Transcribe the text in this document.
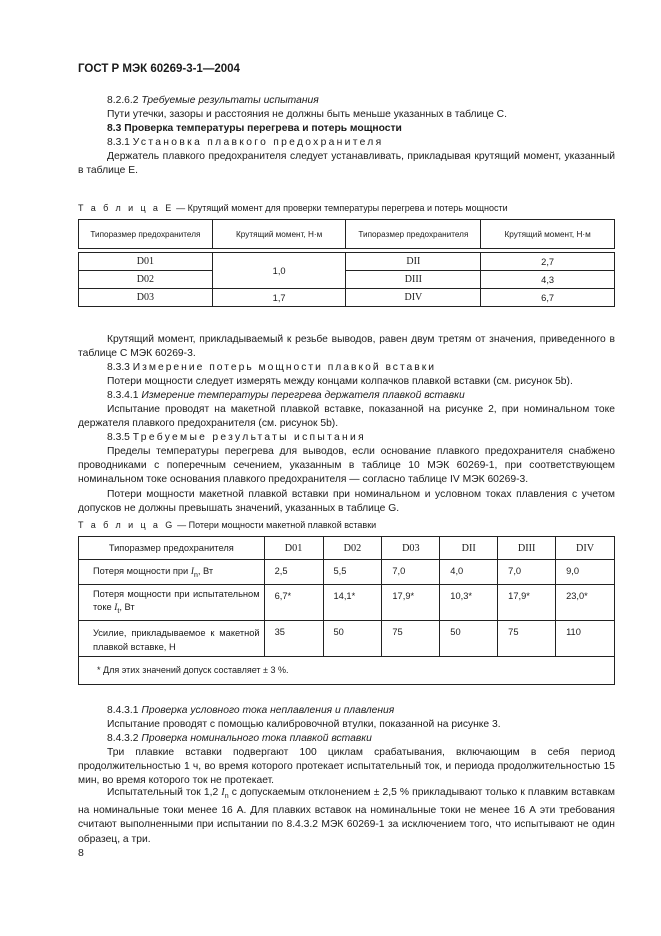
ГОСТ Р МЭК 60269-3-1—2004
8.2.6.2 Требуемые результаты испытания
Пути утечки, зазоры и расстояния не должны быть меньше указанных в таблице С.
8.3 Проверка температуры перегрева и потерь мощности
8.3.1 Установка плавкого предохранителя
Держатель плавкого предохранителя следует устанавливать, прикладывая крутящий момент, указанный в таблице Е.
Т а б л и ц а Е — Крутящий момент для проверки температуры перегрева и потерь мощности
Типоразмер предохранителя	Крутящий момент, Н·м	Типоразмер предохранителя	Крутящий момент, Н·м

D01	1,0	DII	2,7
D02		DIII	4,3
D03	1,7	DIV	6,7
Крутящий момент, прикладываемый к резьбе выводов, равен двум третям от значения, приведенного в таблице С МЭК 60269-3.
8.3.3 Измерение потерь мощности плавкой вставки
Потери мощности следует измерять между концами колпачков плавкой вставки (см. рисунок 5b).
8.3.4.1 Измерение температуры перегрева держателя плавкой вставки
Испытание проводят на макетной плавкой вставке, показанной на рисунке 2, при номинальном токе держателя плавкого предохранителя (см. рисунок 5b).
8.3.5 Требуемые результаты испытания
Пределы температуры перегрева для выводов, если основание плавкого предохранителя снабжено проводниками с поперечным сечением, указанным в таблице 10 МЭК 60269-1, при соответствующем номинальном токе основания плавкого предохранителя — согласно таблице IV МЭК 60269-3.
Потери мощности макетной плавкой вставки при номинальном и условном токах плавления с учетом допусков не должны превышать значений, указанных в таблице G.
Т а б л и ц а G — Потери мощности макетной плавкой вставки
Типоразмер предохранителя	D01	D02	D03	DII	DIII	DIV
Потеря мощности при $I_n$, Вт	2,5	5,5	7,0	4,0	7,0	9,0
Потеря мощности при испытательном токе $I_t$, Вт	6,7*	14,1*	17,9*	10,3*	17,9*	23,0*
Усилие, прикладываемое к макетной плавкой вставке, Н	35	50	75	50	75	110
* Для этих значений допуск составляет ± 3 %.						
8.4.3.1 Проверка условного тока неплавления и плавления
Испытание проводят с помощью калибровочной втулки, показанной на рисунке 3.
8.4.3.2 Проверка номинального тока плавкой вставки
Три плавкие вставки подвергают 100 циклам срабатывания, включающим в себя период продолжительностью 1 ч, во время которого протекает испытательный ток, и периода продолжительностью 15 мин, во время которого ток не протекает.
Испытательный ток 1,2 $I_n$ с допускаемым отклонением ± 2,5 % прикладывают только к плавким вставкам на номинальные токи менее 16 А. Для плавких вставок на номинальные токи не менее 16 А эти требования считают выполненными при испытании по 8.4.3.2 МЭК 60269-1 за исключением того, что испытывают не один образец, а три.
8
